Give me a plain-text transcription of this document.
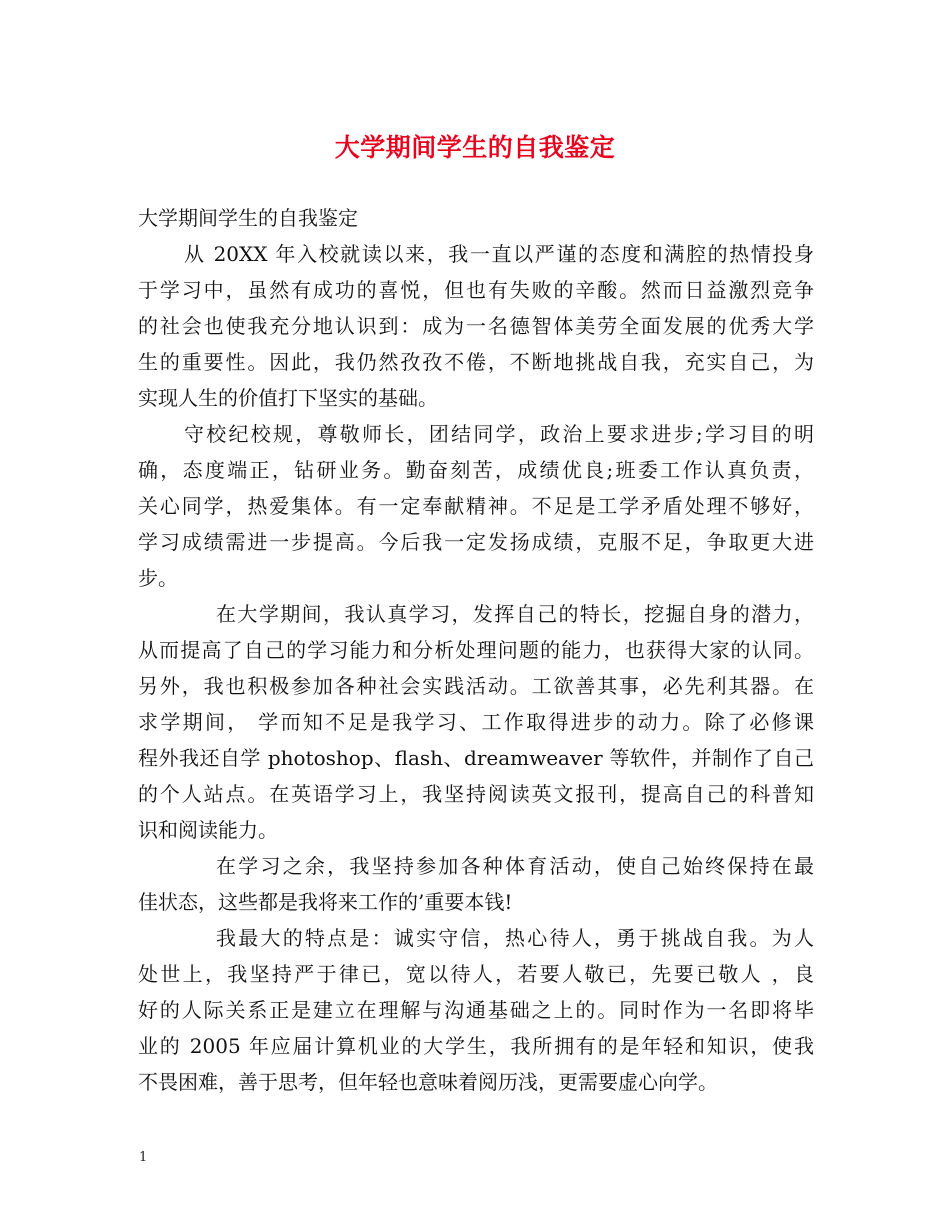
大学期间学生的自我鉴定
大学期间学生的自我鉴定
从 20XX 年入校就读以来，我一直以严谨的态度和满腔的热情投身
于学习中，虽然有成功的喜悦，但也有失败的辛酸。然而日益激烈竞争
的社会也使我充分地认识到：成为一名德智体美劳全面发展的优秀大学
生的重要性。因此，我仍然孜孜不倦，不断地挑战自我，充实自己，为
实现人生的价值打下坚实的基础。
守校纪校规，尊敬师长，团结同学，政治上要求进步;学习目的明
确，态度端正，钻研业务。勤奋刻苦，成绩优良;班委工作认真负责，
关心同学，热爱集体。有一定奉献精神。不足是工学矛盾处理不够好，
学习成绩需进一步提高。今后我一定发扬成绩，克服不足，争取更大进
步。
在大学期间，我认真学习，发挥自己的特长，挖掘自身的潜力，
从而提高了自己的学习能力和分析处理问题的能力，也获得大家的认同。
另外，我也积极参加各种社会实践活动。工欲善其事，必先利其器。在
求学期间， 学而知不足是我学习、工作取得进步的动力。除了必修课
程外我还自学 photoshop、flash、dreamweaver 等软件，并制作了自己
的个人站点。在英语学习上，我坚持阅读英文报刊，提高自己的科普知
识和阅读能力。
在学习之余，我坚持参加各种体育活动，使自己始终保持在最
佳状态，这些都是我将来工作的’重要本钱!
我最大的特点是：诚实守信，热心待人，勇于挑战自我。为人
处世上，我坚持严于律已，宽以待人，若要人敬已，先要已敬人 ，良
好的人际关系正是建立在理解与沟通基础之上的。同时作为一名即将毕
业的 2005 年应届计算机业的大学生，我所拥有的是年轻和知识，使我
不畏困难，善于思考，但年轻也意味着阅历浅，更需要虚心向学。
1
